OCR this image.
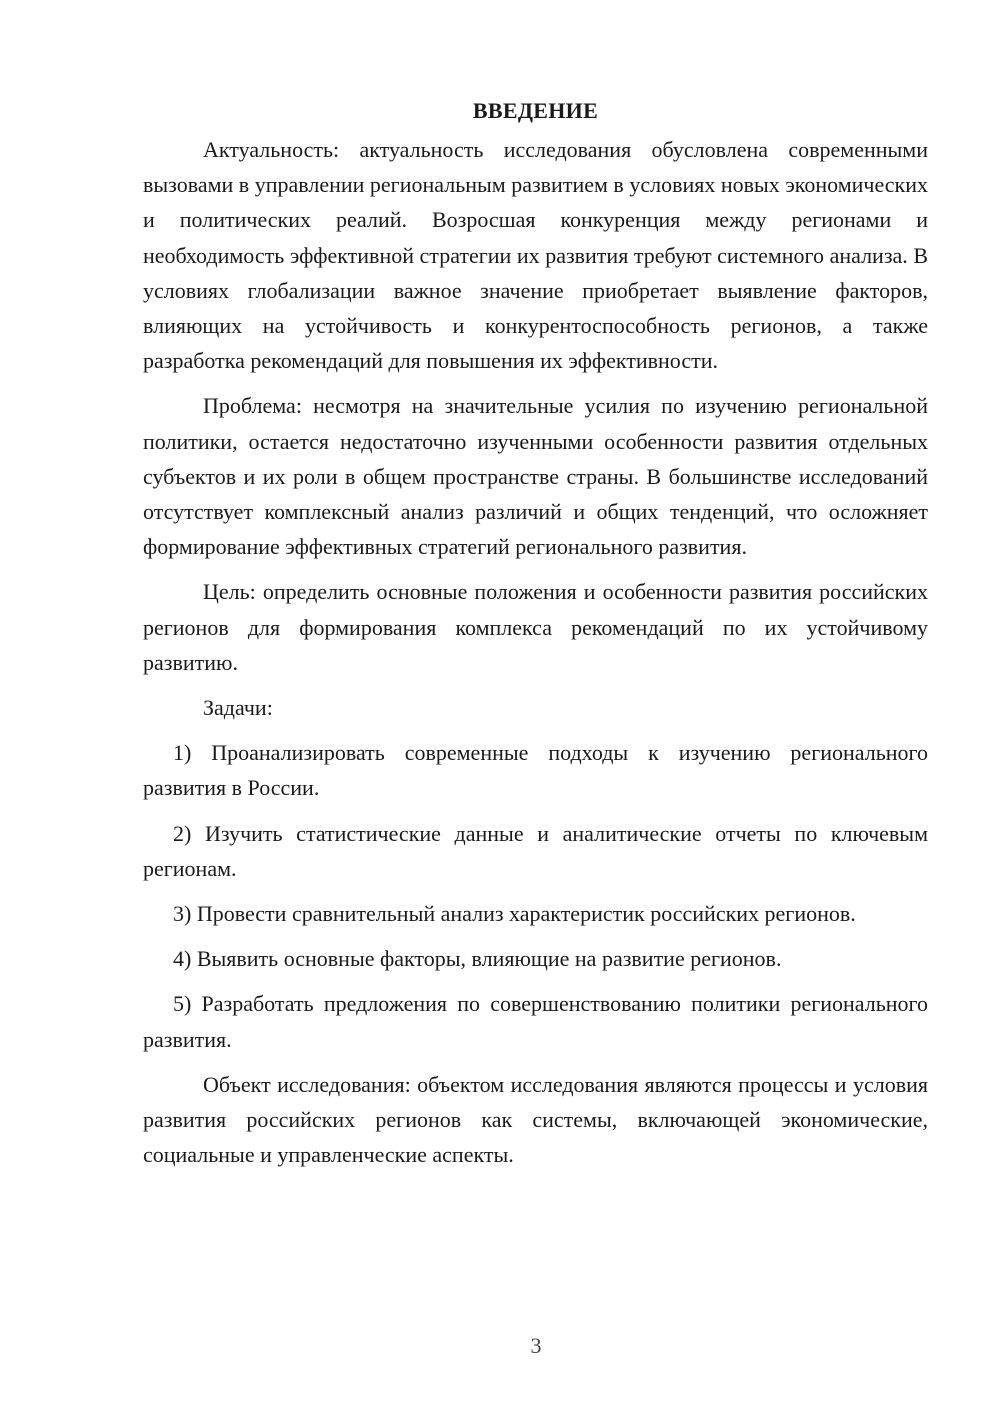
ВВЕДЕНИЕ

Актуальность: актуальность исследования обусловлена современными вызовами в управлении региональным развитием в условиях новых экономических и политических реалий. Возросшая конкуренция между регионами и необходимость эффективной стратегии их развития требуют системного анализа. В условиях глобализации важное значение приобретает выявление факторов, влияющих на устойчивость и конкурентоспособность регионов, а также разработка рекомендаций для повышения их эффективности.

Проблема: несмотря на значительные усилия по изучению региональной политики, остается недостаточно изученными особенности развития отдельных субъектов и их роли в общем пространстве страны. В большинстве исследований отсутствует комплексный анализ различий и общих тенденций, что осложняет формирование эффективных стратегий регионального развития.

Цель: определить основные положения и особенности развития российских регионов для формирования комплекса рекомендаций по их устойчивому развитию.

Задачи:

1) Проанализировать современные подходы к изучению регионального развития в России.

2) Изучить статистические данные и аналитические отчеты по ключевым регионам.

3) Провести сравнительный анализ характеристик российских регионов.

4) Выявить основные факторы, влияющие на развитие регионов.

5) Разработать предложения по совершенствованию политики регионального развития.

Объект исследования: объектом исследования являются процессы и условия развития российских регионов как системы, включающей экономические, социальные и управленческие аспекты.

3
